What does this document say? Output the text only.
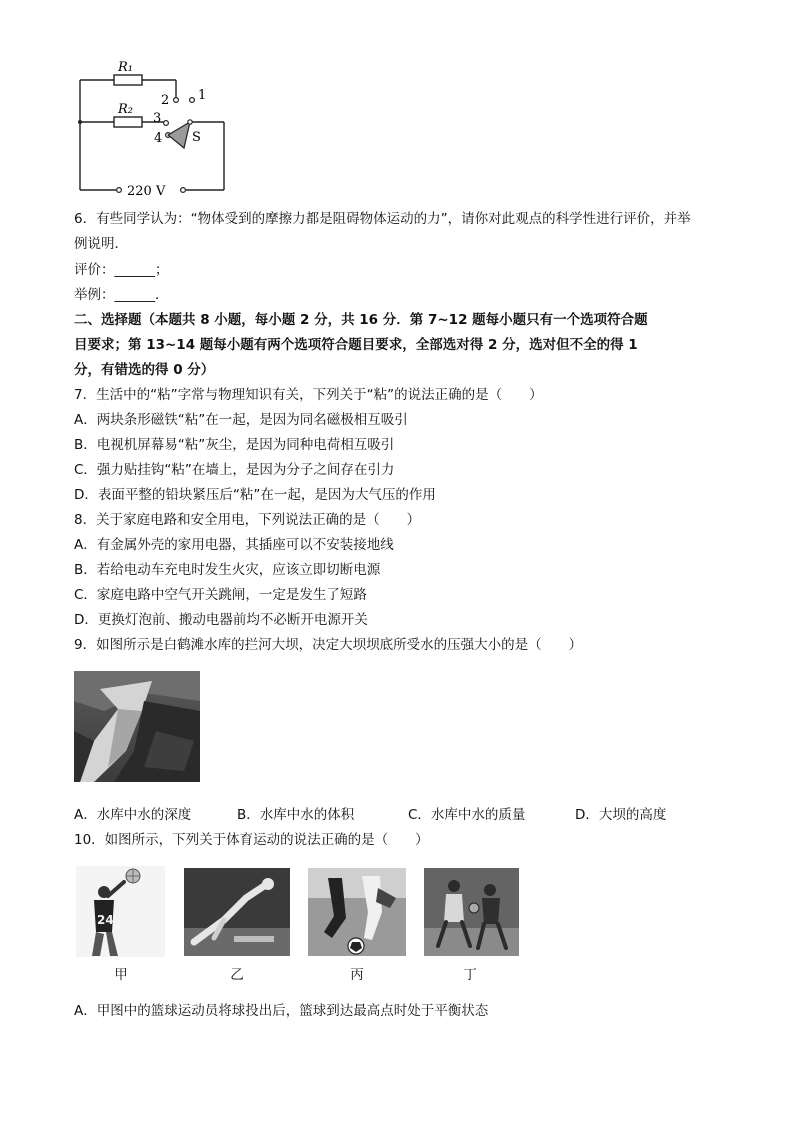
R₁
R₂
2 1
3
4 S
220 V
6．有些同学认为：“物体受到的摩擦力都是阻碍物体运动的力”，请你对此观点的科学性进行评价，并举
例说明．
评价：______；
举例：______．
二、选择题（本题共 8 小题，每小题 2 分，共 16 分．第 7~12 题每小题只有一个选项符合题
目要求；第 13~14 题每小题有两个选项符合题目要求，全部选对得 2 分，选对但不全的得 1
分，有错选的得 0 分）
7．生活中的“粘”字常与物理知识有关，下列关于“粘”的说法正确的是（　　）
A．两块条形磁铁“粘”在一起，是因为同名磁极相互吸引
B．电视机屏幕易“粘”灰尘，是因为同种电荷相互吸引
C．强力贴挂钩“粘”在墙上，是因为分子之间存在引力
D．表面平整的铅块紧压后“粘”在一起，是因为大气压的作用
8．关于家庭电路和安全用电，下列说法正确的是（　　）
A．有金属外壳的家用电器，其插座可以不安装接地线
B．若给电动车充电时发生火灾，应该立即切断电源
C．家庭电路中空气开关跳闸，一定是发生了短路
D．更换灯泡前、搬动电器前均不必断开电源开关
9．如图所示是白鹤滩水库的拦河大坝，决定大坝坝底所受水的压强大小的是（　　）
A．水库中水的深度	B．水库中水的体积	C．水库中水的质量	D．大坝的高度
10．如图所示，下列关于体育运动的说法正确的是（　　）
24
甲	乙	丙	丁
A．甲图中的篮球运动员将球投出后，篮球到达最高点时处于平衡状态
